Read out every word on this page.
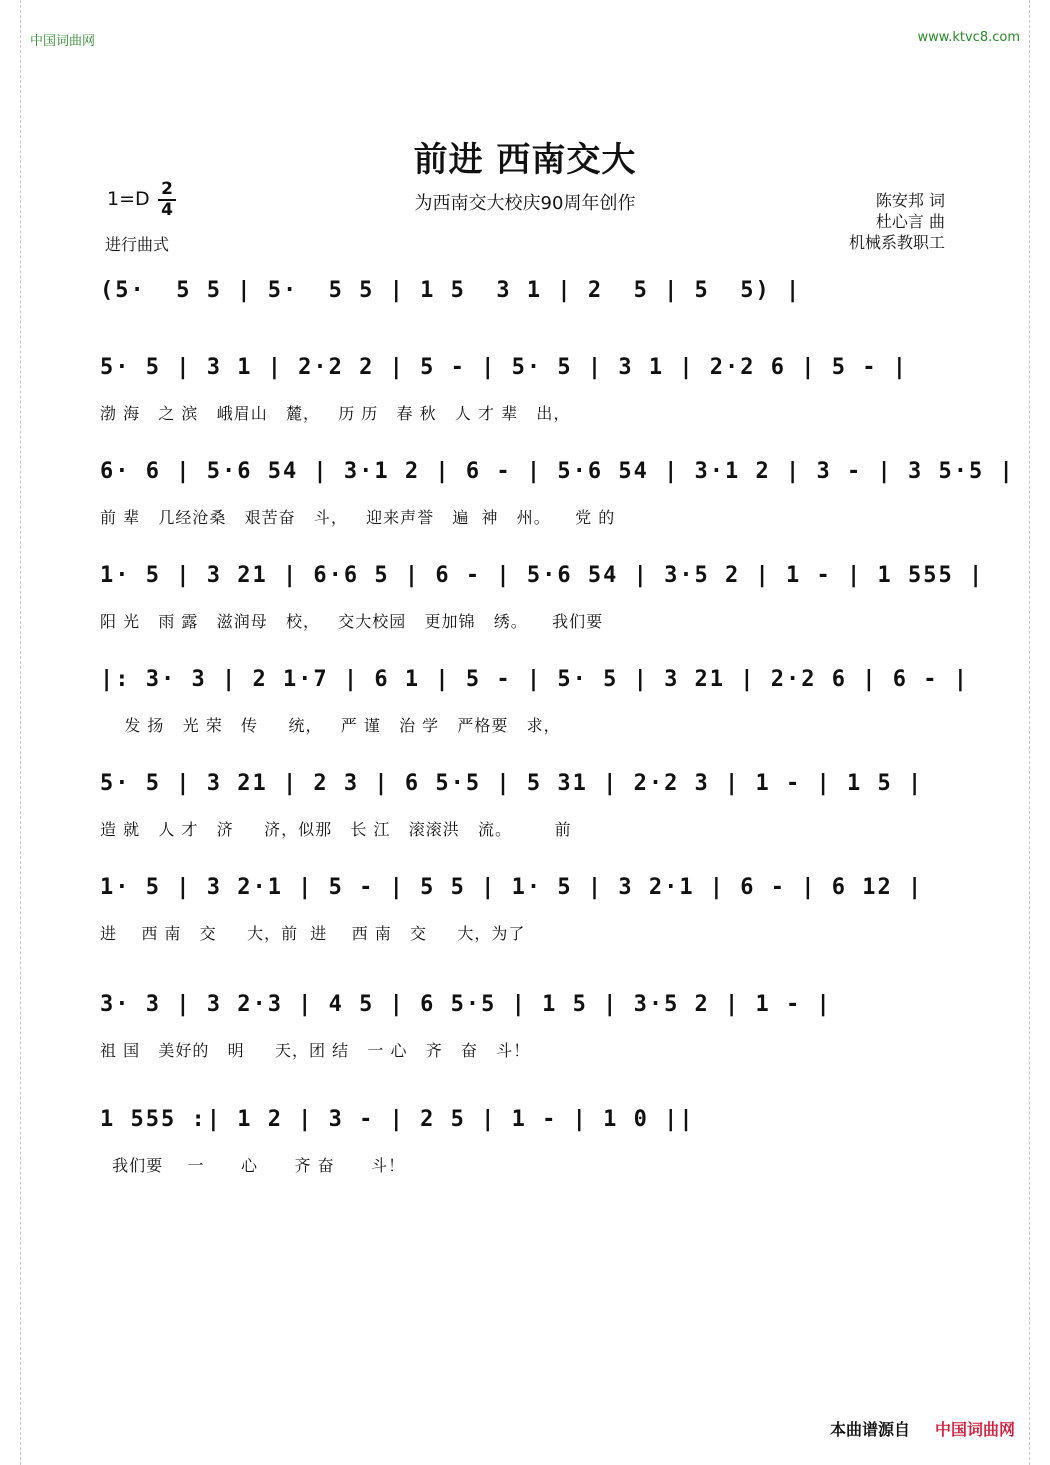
中国词曲网	www.ktvc8.com
前进 西南交大
为西南交大校庆90周年创作
1=D 2
4
进行曲式
陈安邦 词
杜心言 曲
机械系教职工
(5·  5 5 | 5·  5 5 | 1 5  3 1 | 2  5 | 5  5) |
5· 5 | 3 1 | 2·2 2 | 5 - | 5· 5 | 3 1 | 2·2 6 | 5 - |
渤 海   之 滨   峨眉山   麓，   历 历   春 秋   人 才 辈   出，
6· 6 | 5·6 54 | 3·1 2 | 6 - | 5·6 54 | 3·1 2 | 3 - | 3 5·5 |
前 辈   几经沧桑   艰苦奋   斗，   迎来声誉   遍  神   州。    党 的
1· 5 | 3 21 | 6·6 5 | 6 - | 5·6 54 | 3·5 2 | 1 - | 1 555 |
阳 光   雨 露   滋润母   校，   交大校园   更加锦   绣。    我们要
|: 3· 3 | 2 1·7 | 6 1 | 5 - | 5· 5 | 3 21 | 2·2 6 | 6 - |
发 扬   光 荣   传     统，   严 谨   治 学   严格要   求，
5· 5 | 3 21 | 2 3 | 6 5·5 | 5 31 | 2·2 3 | 1 - | 1 5 |
造 就   人 才   济     济，似那   长 江   滚滚洪   流。       前
1· 5 | 3 2·1 | 5 - | 5 5 | 1· 5 | 3 2·1 | 6 - | 6 12 |
进    西 南   交     大，前  进    西 南   交     大，为了
3· 3 | 3 2·3 | 4 5 | 6 5·5 | 1 5 | 3·5 2 | 1 - |
祖 国   美好的   明     天，团 结   一 心   齐   奋   斗！
1 555 :| 1 2 | 3 - | 2 5 | 1 - | 1 0 ||
我们要    一      心      齐 奋      斗！
本曲谱源自 中国词曲网
